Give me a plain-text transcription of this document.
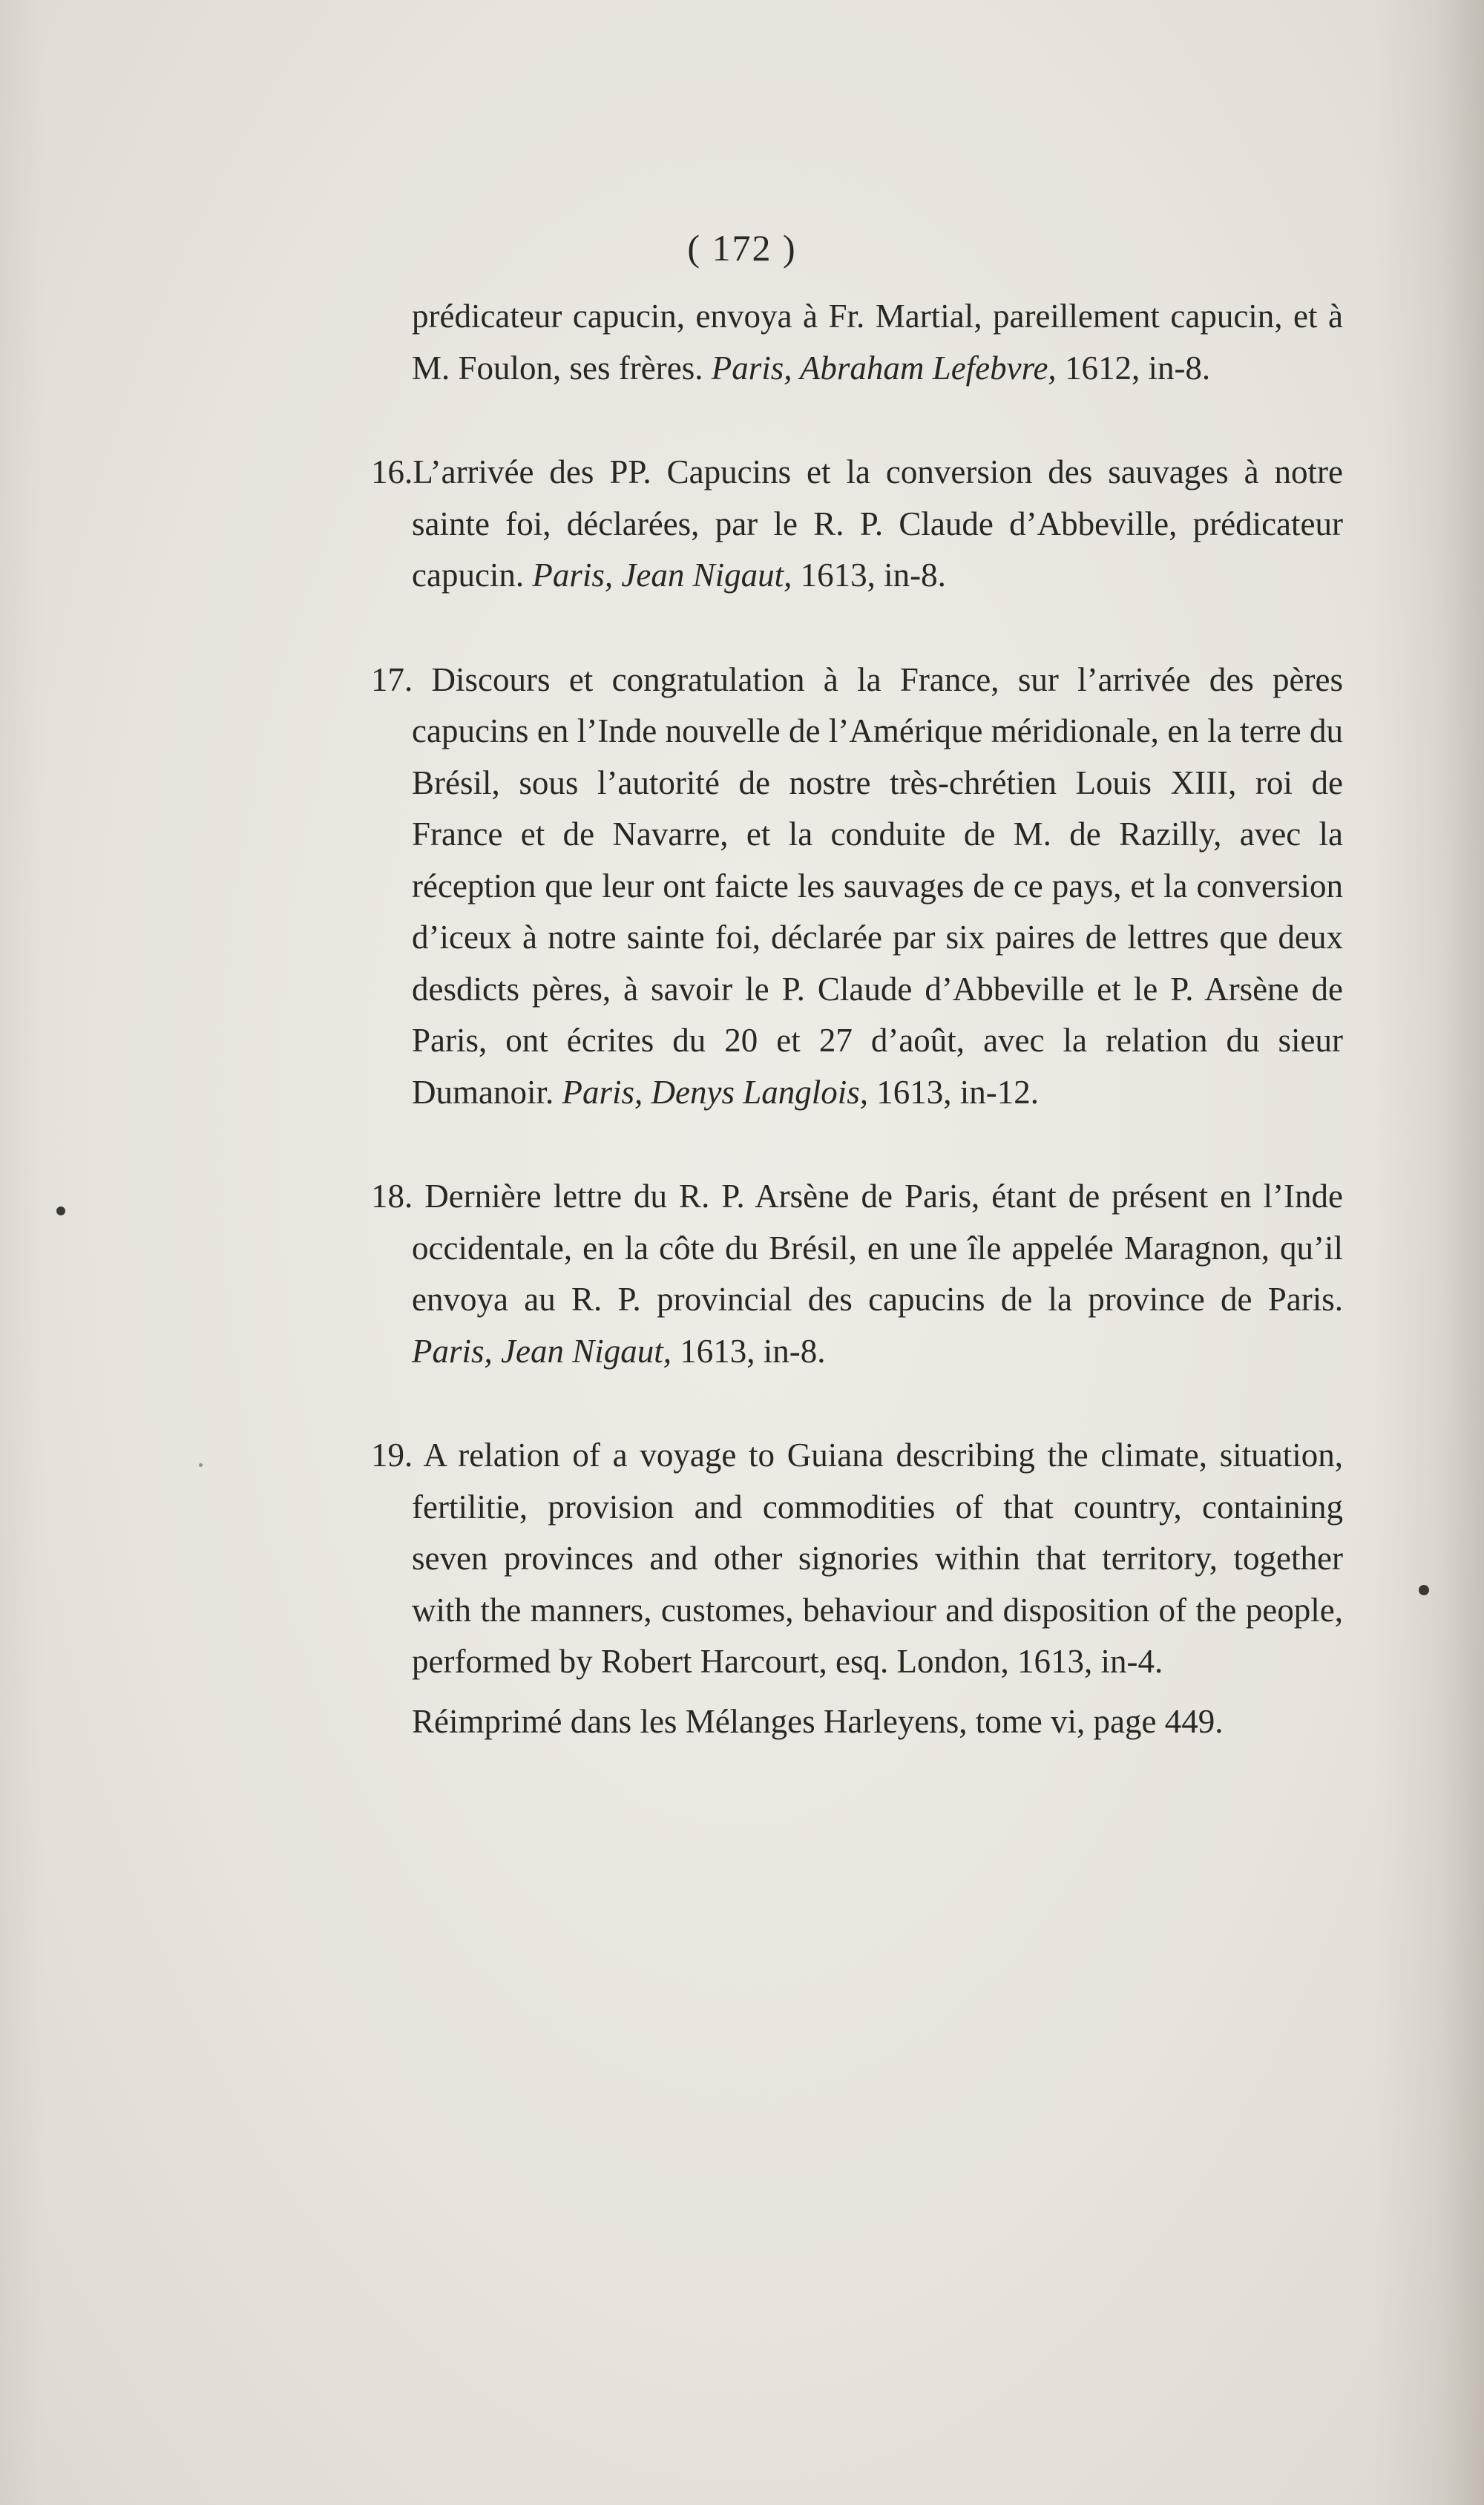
( 172 )

prédicateur capucin, envoya à Fr. Martial, pareillement capucin, et à M. Foulon, ses frères. Paris, Abraham Lefebvre, 1612, in-8.

16.L’arrivée des PP. Capucins et la conversion des sauvages à notre sainte foi, déclarées, par le R. P. Claude d’Abbeville, prédicateur capucin. Paris, Jean Nigaut, 1613, in-8.

17. Discours et congratulation à la France, sur l’arrivée des pères capucins en l’Inde nouvelle de l’Amérique méridionale, en la terre du Brésil, sous l’autorité de nostre très-chrétien Louis XIII, roi de France et de Navarre, et la conduite de M. de Razilly, avec la réception que leur ont faicte les sauvages de ce pays, et la conversion d’iceux à notre sainte foi, déclarée par six paires de lettres que deux desdicts pères, à savoir le P. Claude d’Abbeville et le P. Arsène de Paris, ont écrites du 20 et 27 d’août, avec la relation du sieur Dumanoir. Paris, Denys Langlois, 1613, in-12.

18. Dernière lettre du R. P. Arsène de Paris, étant de présent en l’Inde occidentale, en la côte du Brésil, en une île appelée Maragnon, qu’il envoya au R. P. provincial des capucins de la province de Paris. Paris, Jean Nigaut, 1613, in-8.

19. A relation of a voyage to Guiana describing the climate, situation, fertilitie, provision and commodities of that country, containing seven provinces and other signories within that territory, together with the manners, customes, behaviour and disposition of the people, performed by Robert Harcourt, esq. London, 1613, in-4.

Réimprimé dans les Mélanges Harleyens, tome vi, page 449.
